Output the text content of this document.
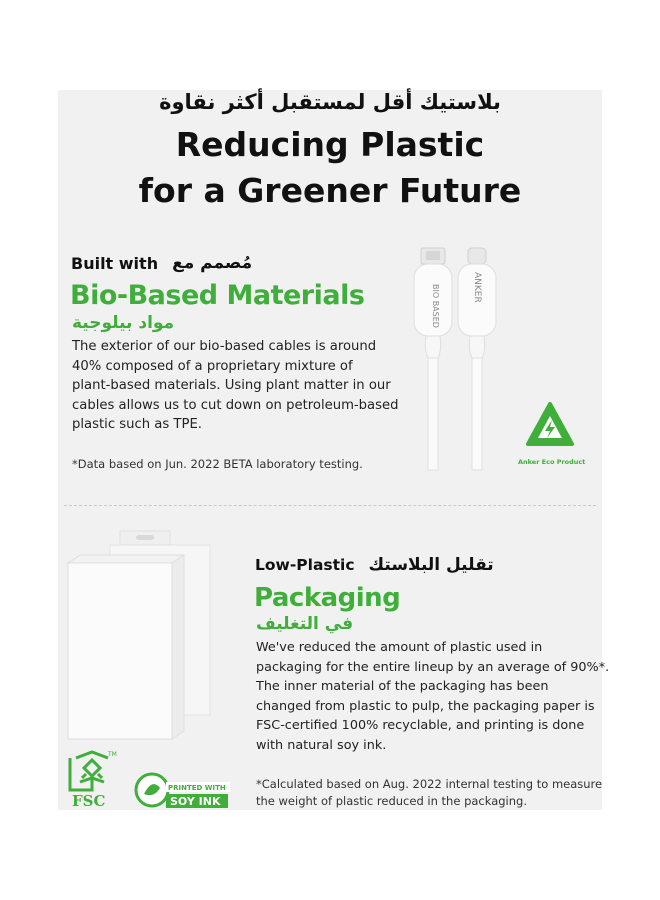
بلاستيك أقل لمستقبل أكثر نقاوة
Reducing Plastic
for a Greener Future
Built with مُصمم مع
Bio-Based Materials
مواد بيلوجية
The exterior of our bio-based cables is around
40% composed of a proprietary mixture of
plant-based materials. Using plant matter in our
cables allows us to cut down on petroleum-based
plastic such as TPE.
*Data based on Jun. 2022 BETA laboratory testing.
BIO BASED	ANKER
Anker Eco Product
Low-Plastic تقليل البلاستك
Packaging
في التغليف
We've reduced the amount of plastic used in
packaging for the entire lineup by an average of 90%*.
The inner material of the packaging has been
changed from plastic to pulp, the packaging paper is
FSC-certified 100% recyclable, and printing is done
with natural soy ink.
*Calculated based on Aug. 2022 internal testing to measure
the weight of plastic reduced in the packaging.
TM
FSC
PRINTED WITH
SOY INK
